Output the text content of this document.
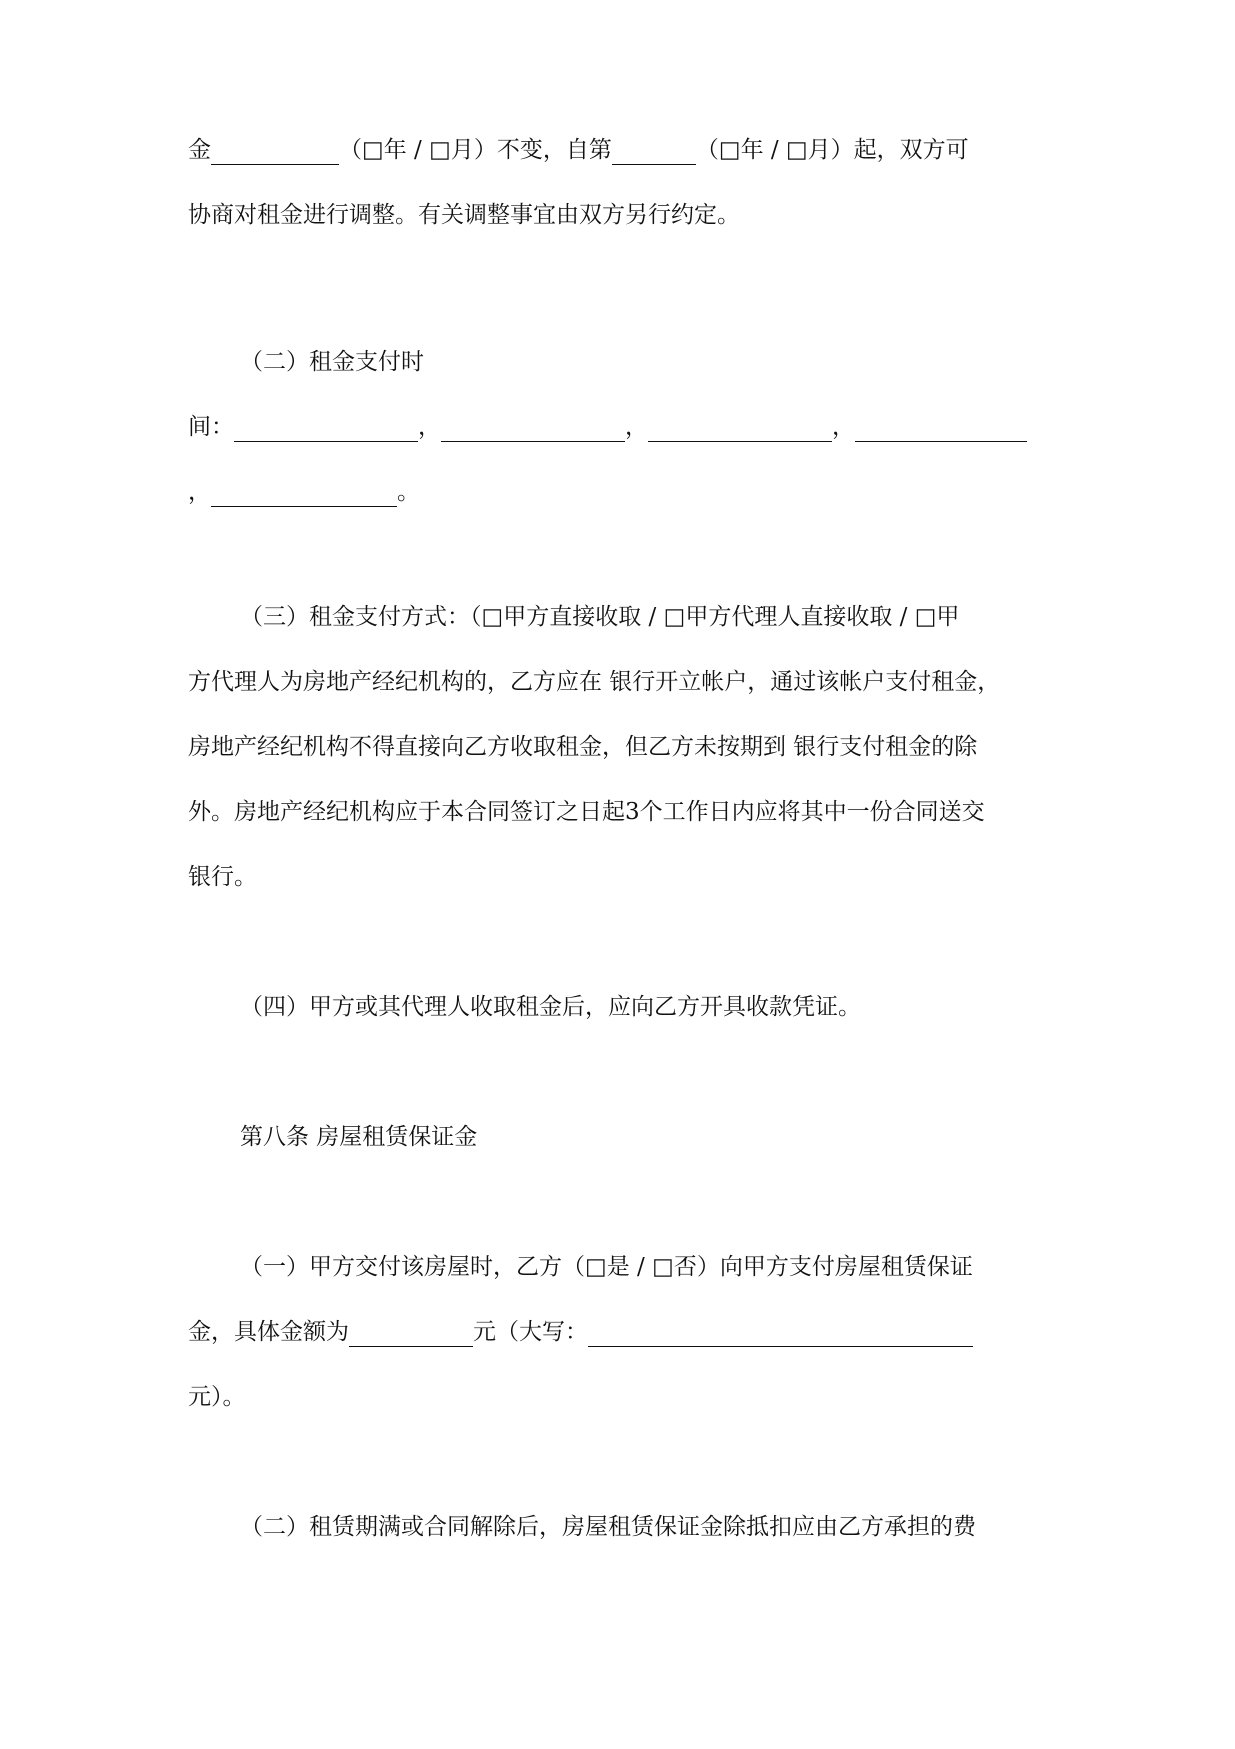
金	（□年 / □月）不变，自第	（□年 / □月）起，双方可
协商对租金进行调整。有关调整事宜由双方另行约定。
（二）租金支付时
间：	，	，	，
，	。
（三）租金支付方式：（□甲方直接收取 / □甲方代理人直接收取 / □甲
方代理人为房地产经纪机构的，乙方应在 银行开立帐户，通过该帐户支付租金，
房地产经纪机构不得直接向乙方收取租金，但乙方未按期到 银行支付租金的除
外。房地产经纪机构应于本合同签订之日起3个工作日内应将其中一份合同送交
银行。
（四）甲方或其代理人收取租金后，应向乙方开具收款凭证。
第八条 房屋租赁保证金
（一）甲方交付该房屋时，乙方（□是 / □否）向甲方支付房屋租赁保证
金，具体金额为	元（大写：
元）。
（二）租赁期满或合同解除后，房屋租赁保证金除抵扣应由乙方承担的费
